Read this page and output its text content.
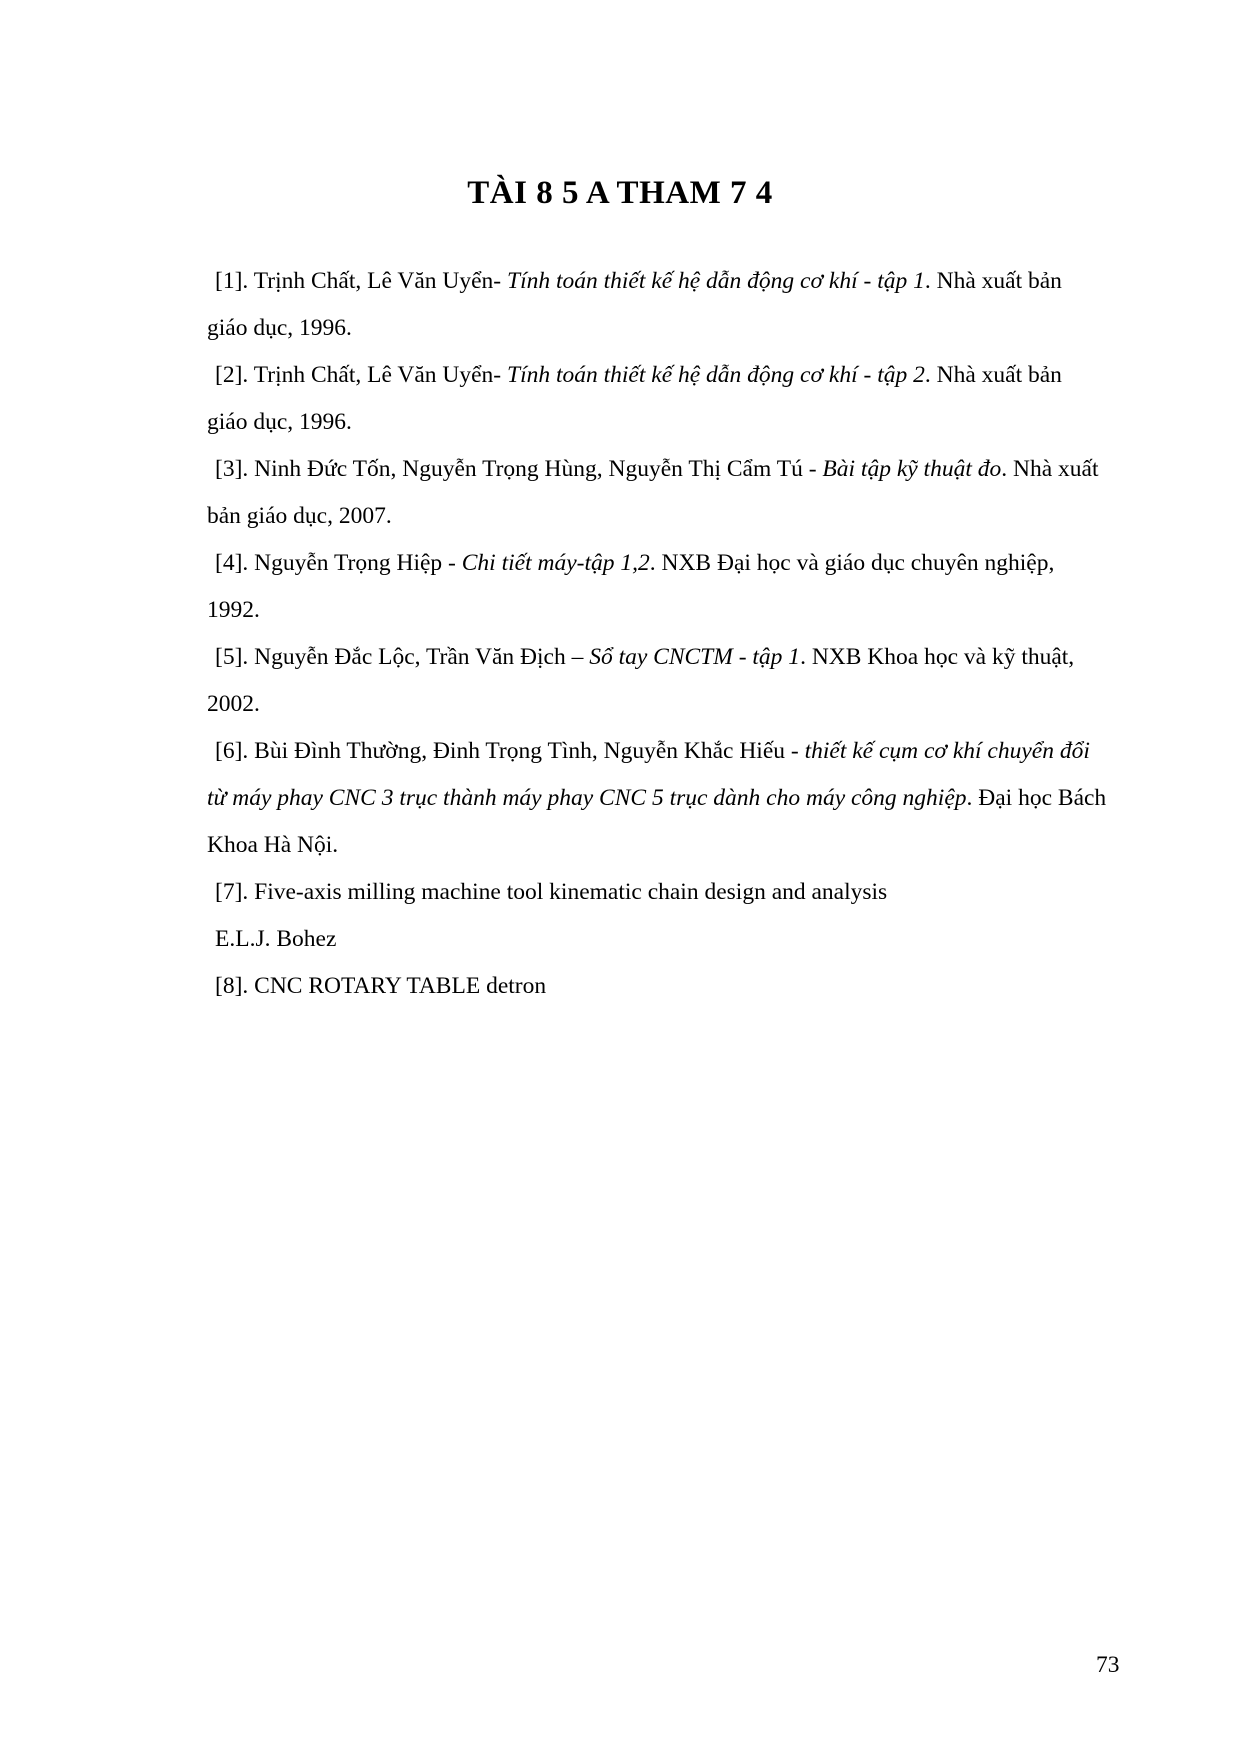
TÀI 8 5 A THAM 7 4

[1]. Trịnh Chất, Lê Văn Uyển- Tính toán thiết kế hệ dẫn động cơ khí - tập 1. Nhà xuất bản giáo dục, 1996.

[2]. Trịnh Chất, Lê Văn Uyển- Tính toán thiết kế hệ dẫn động cơ khí - tập 2. Nhà xuất bản giáo dục, 1996.

[3]. Ninh Đức Tốn, Nguyễn Trọng Hùng, Nguyễn Thị Cẩm Tú - Bài tập kỹ thuật đo. Nhà xuất bản giáo dục, 2007.

[4]. Nguyễn Trọng Hiệp - Chi tiết máy-tập 1,2. NXB Đại học và giáo dục chuyên nghiệp, 1992.

[5]. Nguyễn Đắc Lộc, Trần Văn Địch – Sổ tay CNCTM - tập 1. NXB Khoa học và kỹ thuật, 2002.

[6]. Bùi Đình Thường, Đinh Trọng Tình, Nguyễn Khắc Hiếu - thiết kế cụm cơ khí chuyển đổi từ máy phay CNC 3 trục thành máy phay CNC 5 trục dành cho máy công nghiệp. Đại học Bách Khoa Hà Nội.

[7]. Five-axis milling machine tool kinematic chain design and analysis
E.L.J. Bohez

[8]. CNC ROTARY TABLE detron

73
